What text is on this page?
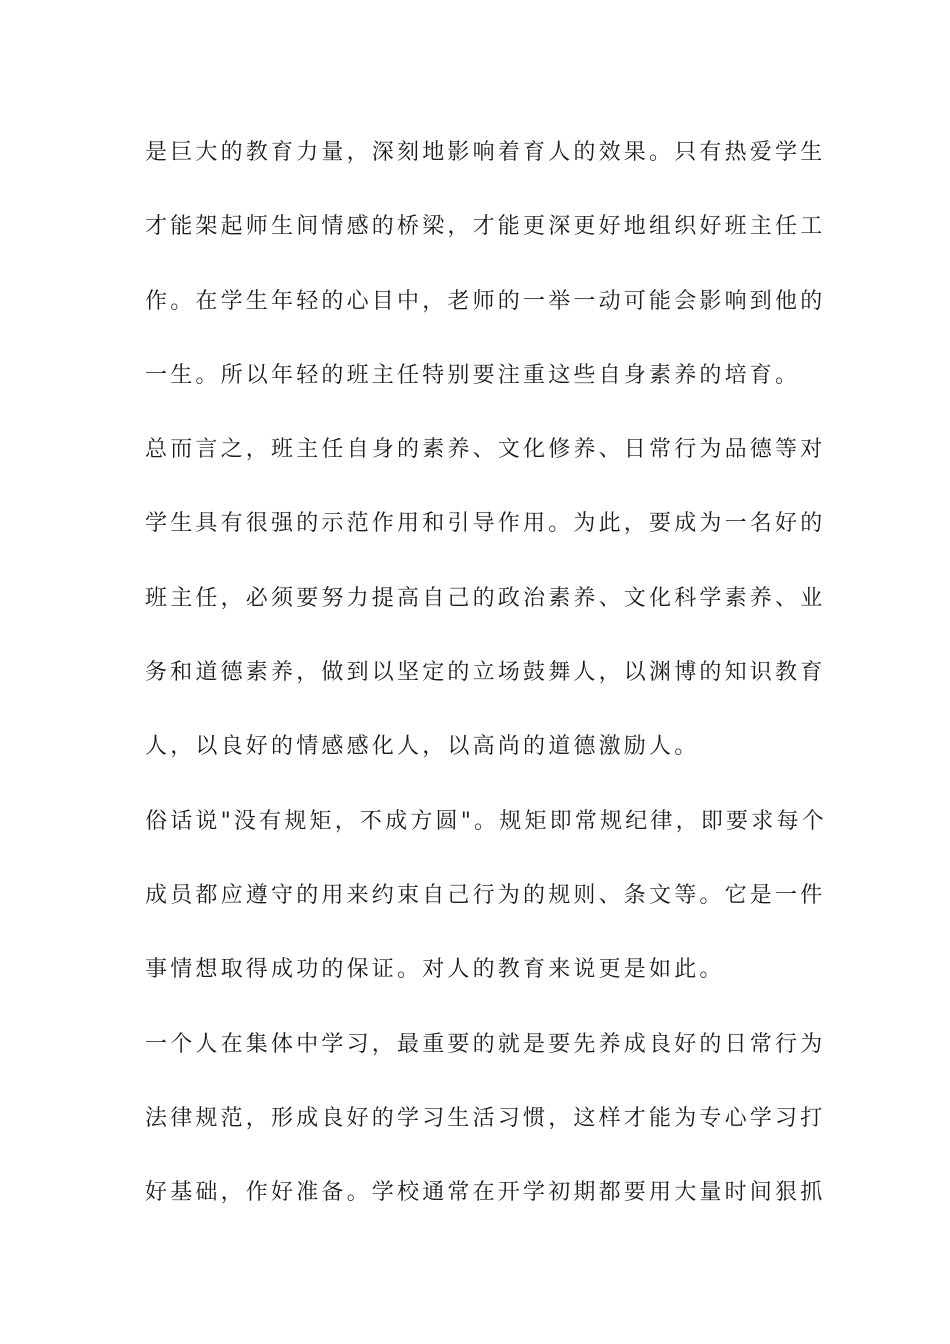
是巨大的教育力量，深刻地影响着育人的效果。只有热爱学生
才能架起师生间情感的桥梁，才能更深更好地组织好班主任工
作。在学生年轻的心目中，老师的一举一动可能会影响到他的
一生。所以年轻的班主任特别要注重这些自身素养的培育。
总而言之，班主任自身的素养、文化修养、日常行为品德等对
学生具有很强的示范作用和引导作用。为此，要成为一名好的
班主任，必须要努力提高自己的政治素养、文化科学素养、业
务和道德素养，做到以坚定的立场鼓舞人，以渊博的知识教育
人，以良好的情感感化人，以高尚的道德激励人。
俗话说"没有规矩，不成方圆"。规矩即常规纪律，即要求每个
成员都应遵守的用来约束自己行为的规则、条文等。它是一件
事情想取得成功的保证。对人的教育来说更是如此。
一个人在集体中学习，最重要的就是要先养成良好的日常行为
法律规范，形成良好的学习生活习惯，这样才能为专心学习打
好基础，作好准备。学校通常在开学初期都要用大量时间狠抓
